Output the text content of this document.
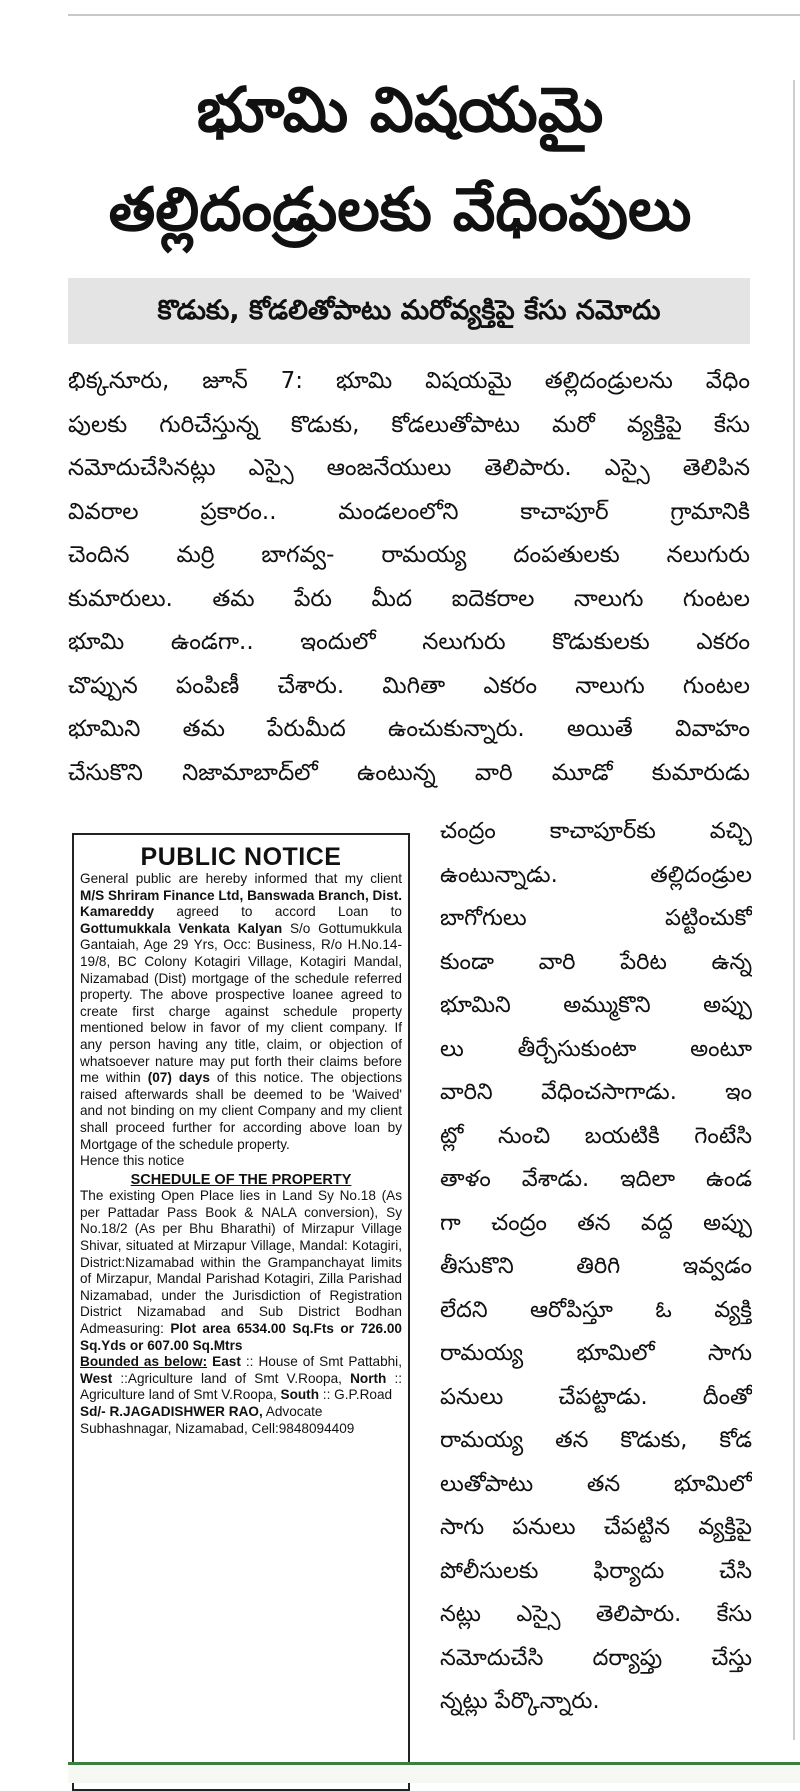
భూమి విషయమై
తల్లిదండ్రులకు వేధింపులు
కొడుకు, కోడలితోపాటు మరోవ్యక్తిపై కేసు నమోదు
భిక్కనూరు, జూన్ 7: భూమి విషయమై తల్లిదండ్రులను వేధిం
పులకు గురిచేస్తున్న కొడుకు, కోడలుతోపాటు మరో వ్యక్తిపై కేసు
నమోదుచేసినట్లు ఎస్సై ఆంజనేయులు తెలిపారు. ఎస్సై తెలిపిన
వివరాల ప్రకారం.. మండలంలోని కాచాపూర్ గ్రామానికి
చెందిన మర్రి బాగవ్వ- రామయ్య దంపతులకు నలుగురు
కుమారులు. తమ పేరు మీద ఐదెకరాల నాలుగు గుంటల
భూమి ఉండగా.. ఇందులో నలుగురు కొడుకులకు ఎకరం
చొప్పున పంపిణీ చేశారు. మిగితా ఎకరం నాలుగు గుంటల
భూమిని తమ పేరుమీద ఉంచుకున్నారు. అయితే వివాహం
చేసుకొని నిజామాబాద్‌లో ఉంటున్న వారి మూడో కుమారుడు
చంద్రం కాచాపూర్‌కు వచ్చి
ఉంటున్నాడు. తల్లిదండ్రుల
బాగోగులు పట్టించుకో
కుండా వారి పేరిట ఉన్న
భూమిని అమ్ముకొని అప్పు
లు తీర్చేసుకుంటా అంటూ
వారిని వేధించసాగాడు. ఇం
ట్లో నుంచి బయటికి గెంటేసి
తాళం వేశాడు. ఇదిలా ఉండ
గా చంద్రం తన వద్ద అప్పు
తీసుకొని తిరిగి ఇవ్వడం
లేదని ఆరోపిస్తూ ఓ వ్యక్తి
రామయ్య భూమిలో సాగు
పనులు చేపట్టాడు. దీంతో
రామయ్య తన కొడుకు, కోడ
లుతోపాటు తన భూమిలో
సాగు పనులు చేపట్టిన వ్యక్తిపై
పోలీసులకు ఫిర్యాదు చేసి
నట్లు ఎస్సై తెలిపారు. కేసు
నమోదుచేసి దర్యాప్తు చేస్తు
న్నట్లు పేర్కొన్నారు.
PUBLIC NOTICE

General public are hereby informed that my client M/S Shriram Finance Ltd, Banswada Branch, Dist. Kamareddy agreed to accord Loan to Gottumukkala Venkata Kalyan S/o Gottumukkula Gantaiah, Age 29 Yrs, Occ: Business, R/o H.No.14-19/8, BC Colony Kotagiri Village, Kotagiri Mandal, Nizamabad (Dist) mortgage of the schedule referred property. The above prospective loanee agreed to create first charge against schedule property mentioned below in favor of my client company. If any person having any title, claim, or objection of whatsoever nature may put forth their claims before me within (07) days of this notice. The objections raised afterwards shall be deemed to be 'Waived' and not binding on my client Company and my client shall proceed further for according above loan by Mortgage of the schedule property.

Hence this notice

SCHEDULE OF THE PROPERTY

The existing Open Place lies in Land Sy No.18 (As per Pattadar Pass Book & NALA conversion), Sy No.18/2 (As per Bhu Bharathi) of Mirzapur Village Shivar, situated at Mirzapur Village, Mandal: Kotagiri, District:Nizamabad within the Grampanchayat limits of Mirzapur, Mandal Parishad Kotagiri, Zilla Parishad Nizamabad, under the Jurisdiction of Registration District Nizamabad and Sub District Bodhan Admeasuring: Plot area 6534.00 Sq.Fts or 726.00 Sq.Yds or 607.00 Sq.Mtrs

Bounded as below: East :: House of Smt Pattabhi, West ::Agriculture land of Smt V.Roopa, North :: Agriculture land of Smt V.Roopa, South :: G.P.Road

Sd/- R.JAGADISHWER RAO, Advocate

Subhashnagar, Nizamabad, Cell:9848094409
